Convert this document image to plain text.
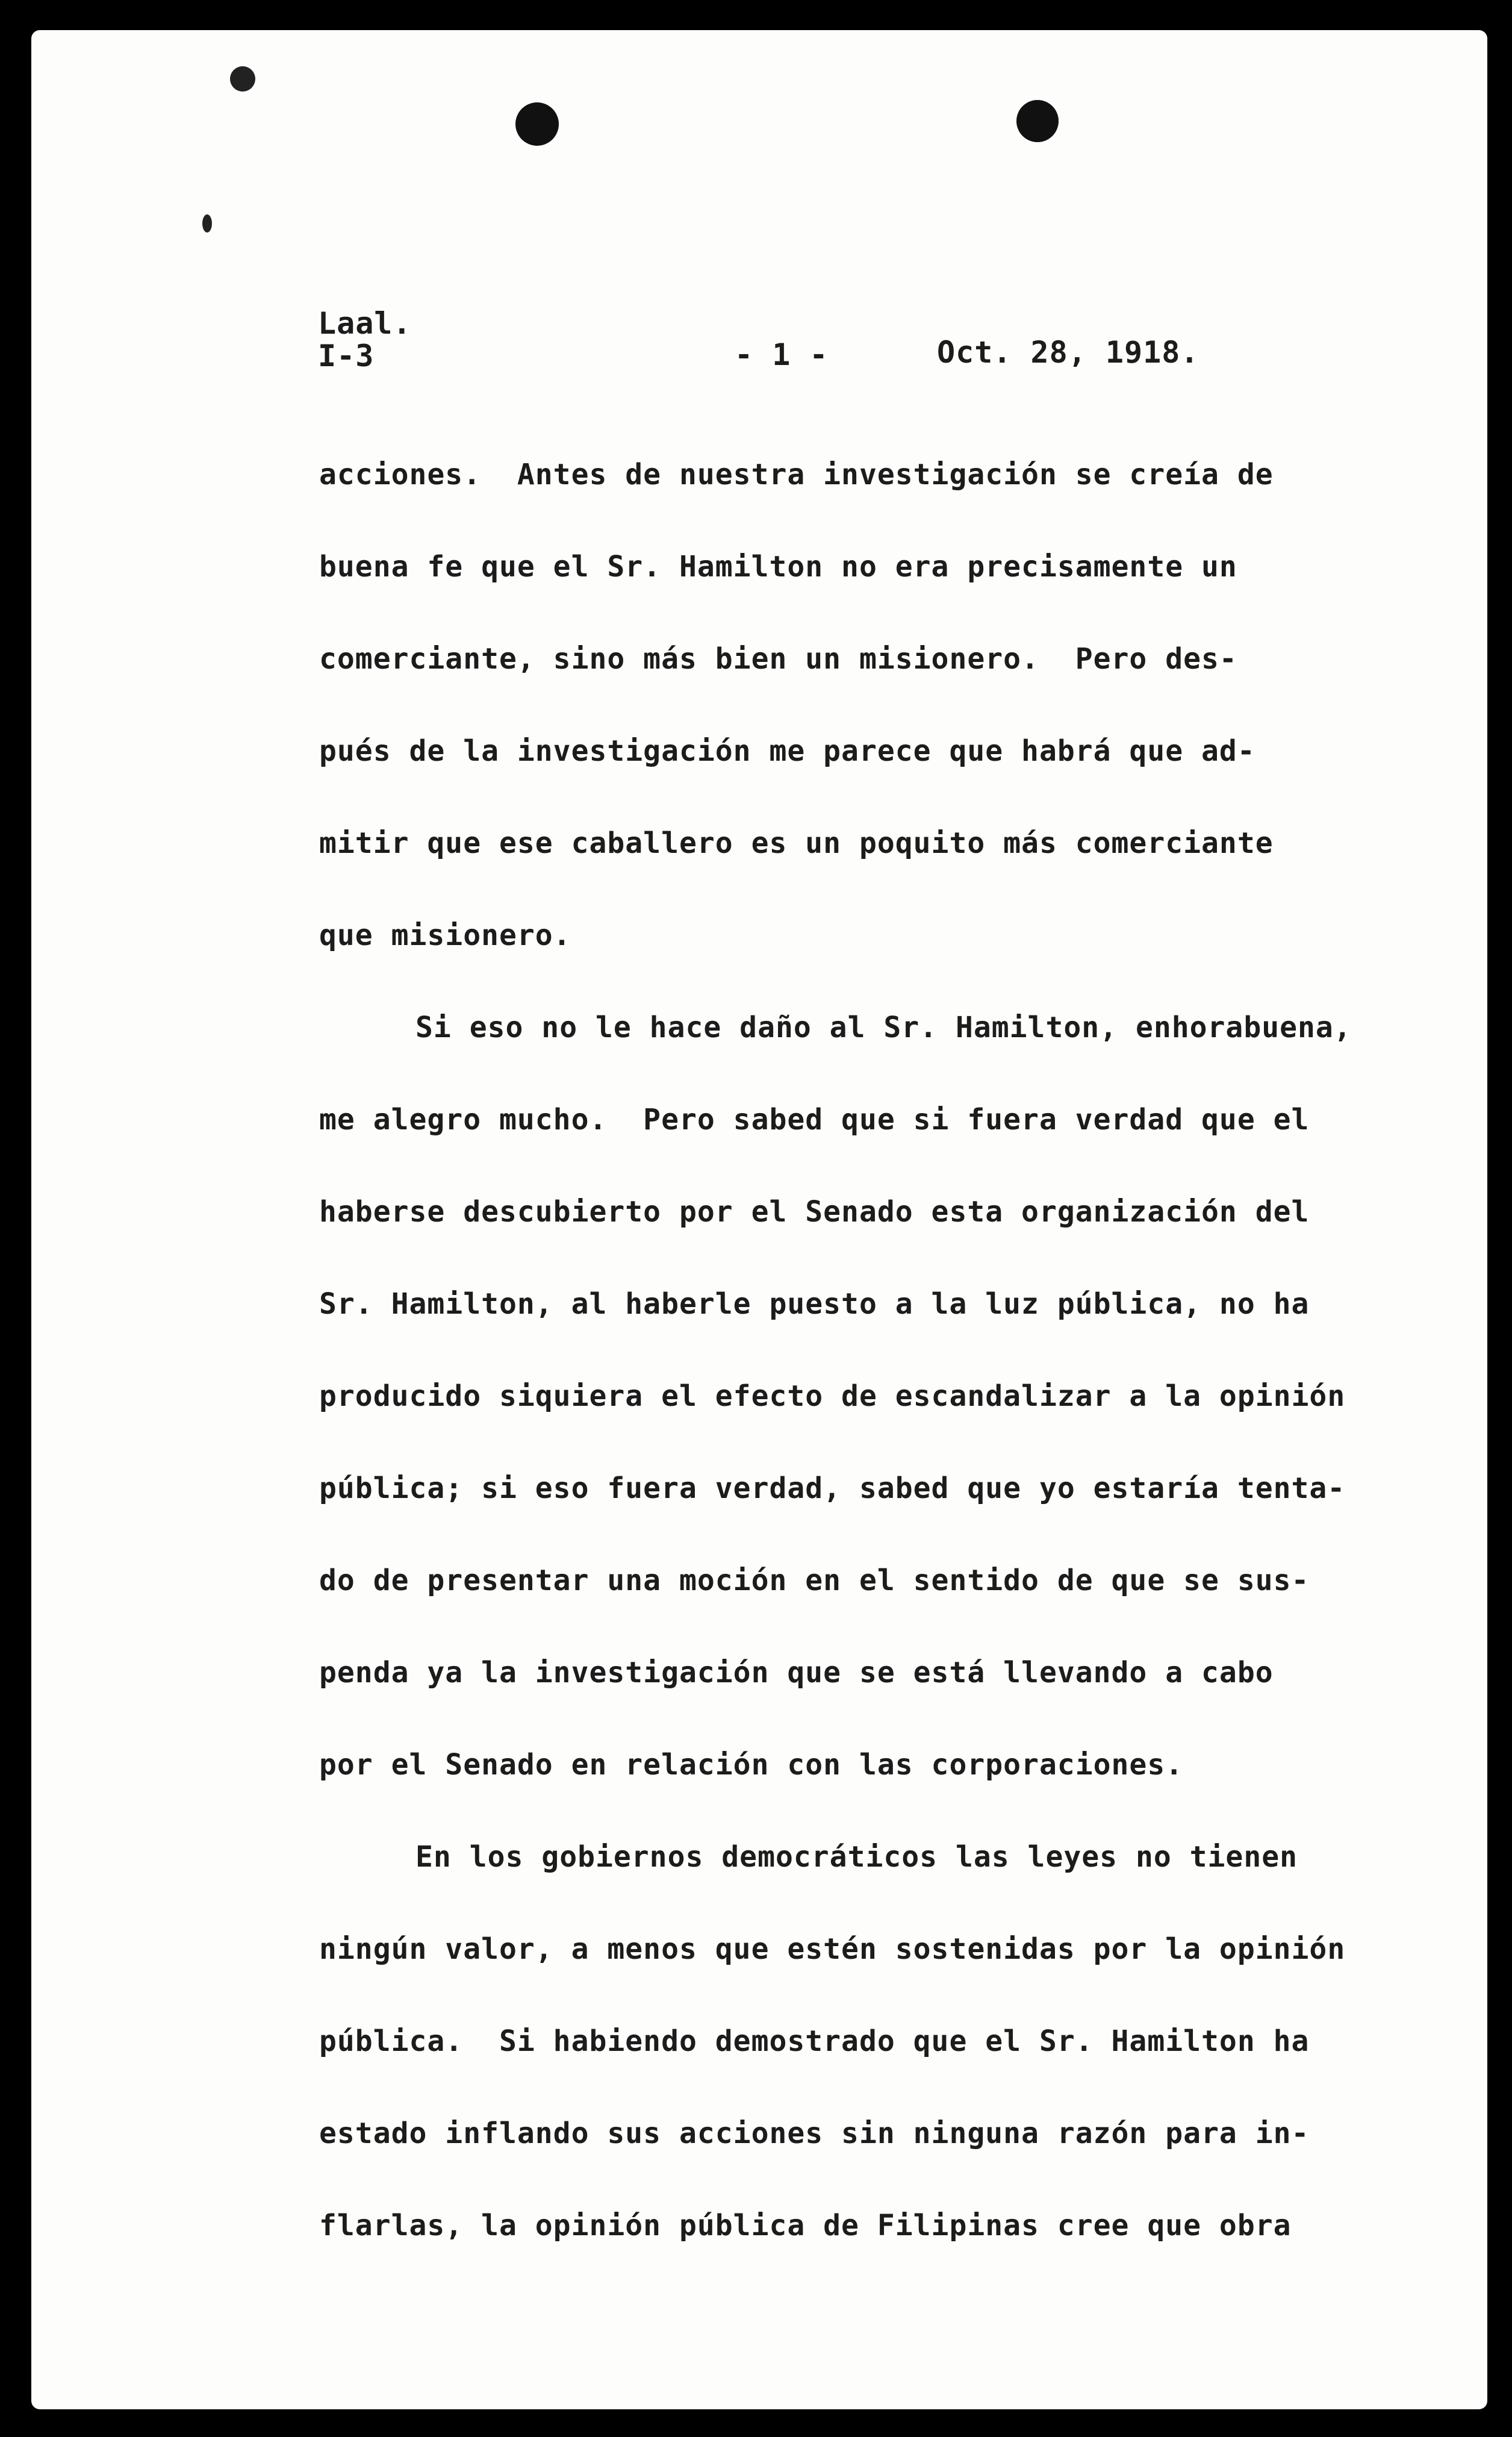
Laal.
I-3	- 1 -	Oct. 28, 1918.
acciones.  Antes de nuestra investigación se creía de
buena fe que el Sr. Hamilton no era precisamente un
comerciante, sino más bien un misionero.  Pero des-
pués de la investigación me parece que habrá que ad-
mitir que ese caballero es un poquito más comerciante
que misionero.
Si eso no le hace daño al Sr. Hamilton, enhorabuena,
me alegro mucho.  Pero sabed que si fuera verdad que el
haberse descubierto por el Senado esta organización del
Sr. Hamilton, al haberle puesto a la luz pública, no ha
producido siquiera el efecto de escandalizar a la opinión
pública; si eso fuera verdad, sabed que yo estaría tenta-
do de presentar una moción en el sentido de que se sus-
penda ya la investigación que se está llevando a cabo
por el Senado en relación con las corporaciones.
En los gobiernos democráticos las leyes no tienen
ningún valor, a menos que estén sostenidas por la opinión
pública.  Si habiendo demostrado que el Sr. Hamilton ha
estado inflando sus acciones sin ninguna razón para in-
flarlas, la opinión pública de Filipinas cree que obra
